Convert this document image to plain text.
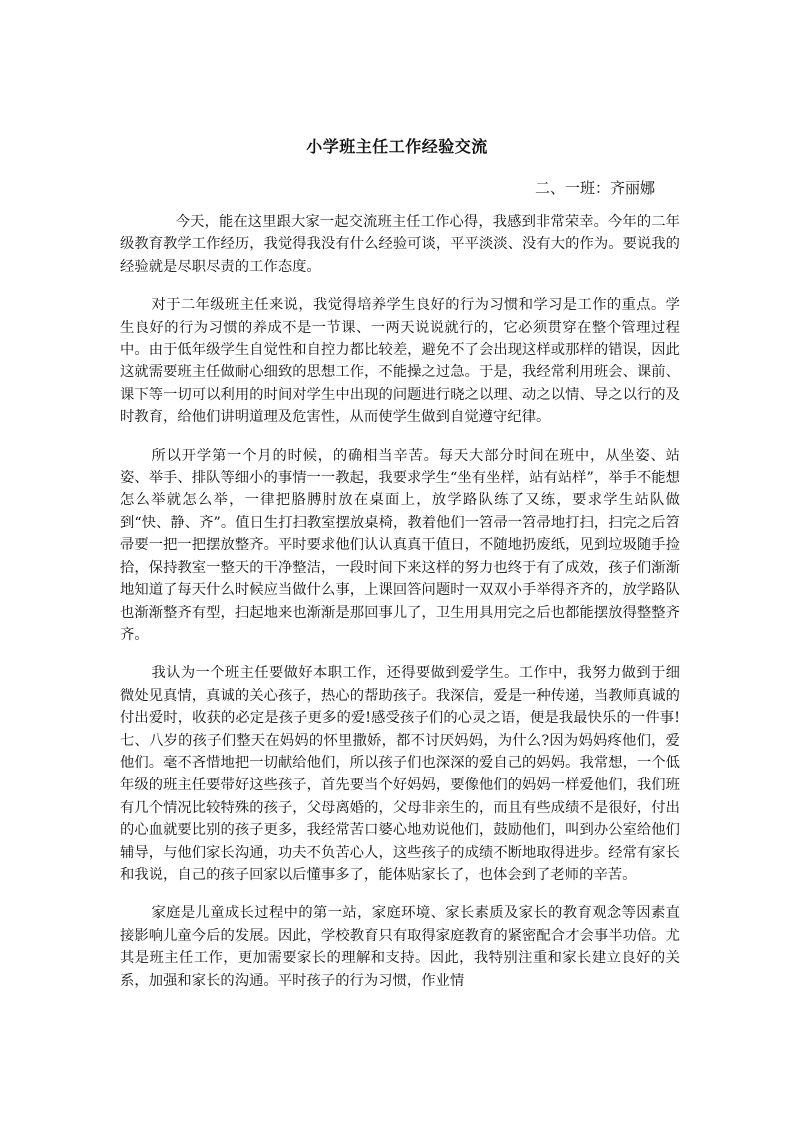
小学班主任工作经验交流
二、一班：齐丽娜

今天，能在这里跟大家一起交流班主任工作心得，我感到非常荣幸。今年的二年级教育教学工作经历，我觉得我没有什么经验可谈，平平淡淡、没有大的作为。要说我的经验就是尽职尽责的工作态度。

对于二年级班主任来说，我觉得培养学生良好的行为习惯和学习是工作的重点。学生良好的行为习惯的养成不是一节课、一两天说说就行的，它必须贯穿在整个管理过程中。由于低年级学生自觉性和自控力都比较差，避免不了会出现这样或那样的错误，因此这就需要班主任做耐心细致的思想工作，不能操之过急。于是，我经常利用班会、课前、课下等一切可以利用的时间对学生中出现的问题进行晓之以理、动之以情、导之以行的及时教育，给他们讲明道理及危害性，从而使学生做到自觉遵守纪律。

所以开学第一个月的时候，的确相当辛苦。每天大部分时间在班中，从坐姿、站姿、举手、排队等细小的事情一一教起，我要求学生“坐有坐样，站有站样”，举手不能想怎么举就怎么举，一律把胳膊肘放在桌面上，放学路队练了又练，要求学生站队做到“快、静、齐”。值日生打扫教室摆放桌椅，教着他们一笤帚一笤帚地打扫，扫完之后笤帚要一把一把摆放整齐。平时要求他们认认真真干值日，不随地扔废纸，见到垃圾随手捡拾，保持教室一整天的干净整洁，一段时间下来这样的努力也终于有了成效，孩子们渐渐地知道了每天什么时候应当做什么事，上课回答问题时一双双小手举得齐齐的，放学路队也渐渐整齐有型，扫起地来也渐渐是那回事儿了，卫生用具用完之后也都能摆放得整整齐齐。

我认为一个班主任要做好本职工作，还得要做到爱学生。工作中，我努力做到于细微处见真情，真诚的关心孩子，热心的帮助孩子。我深信，爱是一种传递，当教师真诚的付出爱时，收获的必定是孩子更多的爱!感受孩子们的心灵之语，便是我最快乐的一件事!七、八岁的孩子们整天在妈妈的怀里撒娇，都不讨厌妈妈，为什么?因为妈妈疼他们，爱他们。毫不吝惜地把一切献给他们，所以孩子们也深深的爱自己的妈妈。我常想，一个低年级的班主任要带好这些孩子，首先要当个好妈妈，要像他们的妈妈一样爱他们，我们班有几个情况比较特殊的孩子，父母离婚的，父母非亲生的，而且有些成绩不是很好，付出的心血就要比别的孩子更多，我经常苦口婆心地劝说他们，鼓励他们，叫到办公室给他们辅导，与他们家长沟通，功夫不负苦心人，这些孩子的成绩不断地取得进步。经常有家长和我说，自己的孩子回家以后懂事多了，能体贴家长了，也体会到了老师的辛苦。

家庭是儿童成长过程中的第一站，家庭环境、家长素质及家长的教育观念等因素直接影响儿童今后的发展。因此，学校教育只有取得家庭教育的紧密配合才会事半功倍。尤其是班主任工作，更加需要家长的理解和支持。因此，我特别注重和家长建立良好的关系，加强和家长的沟通。平时孩子的行为习惯，作业情
